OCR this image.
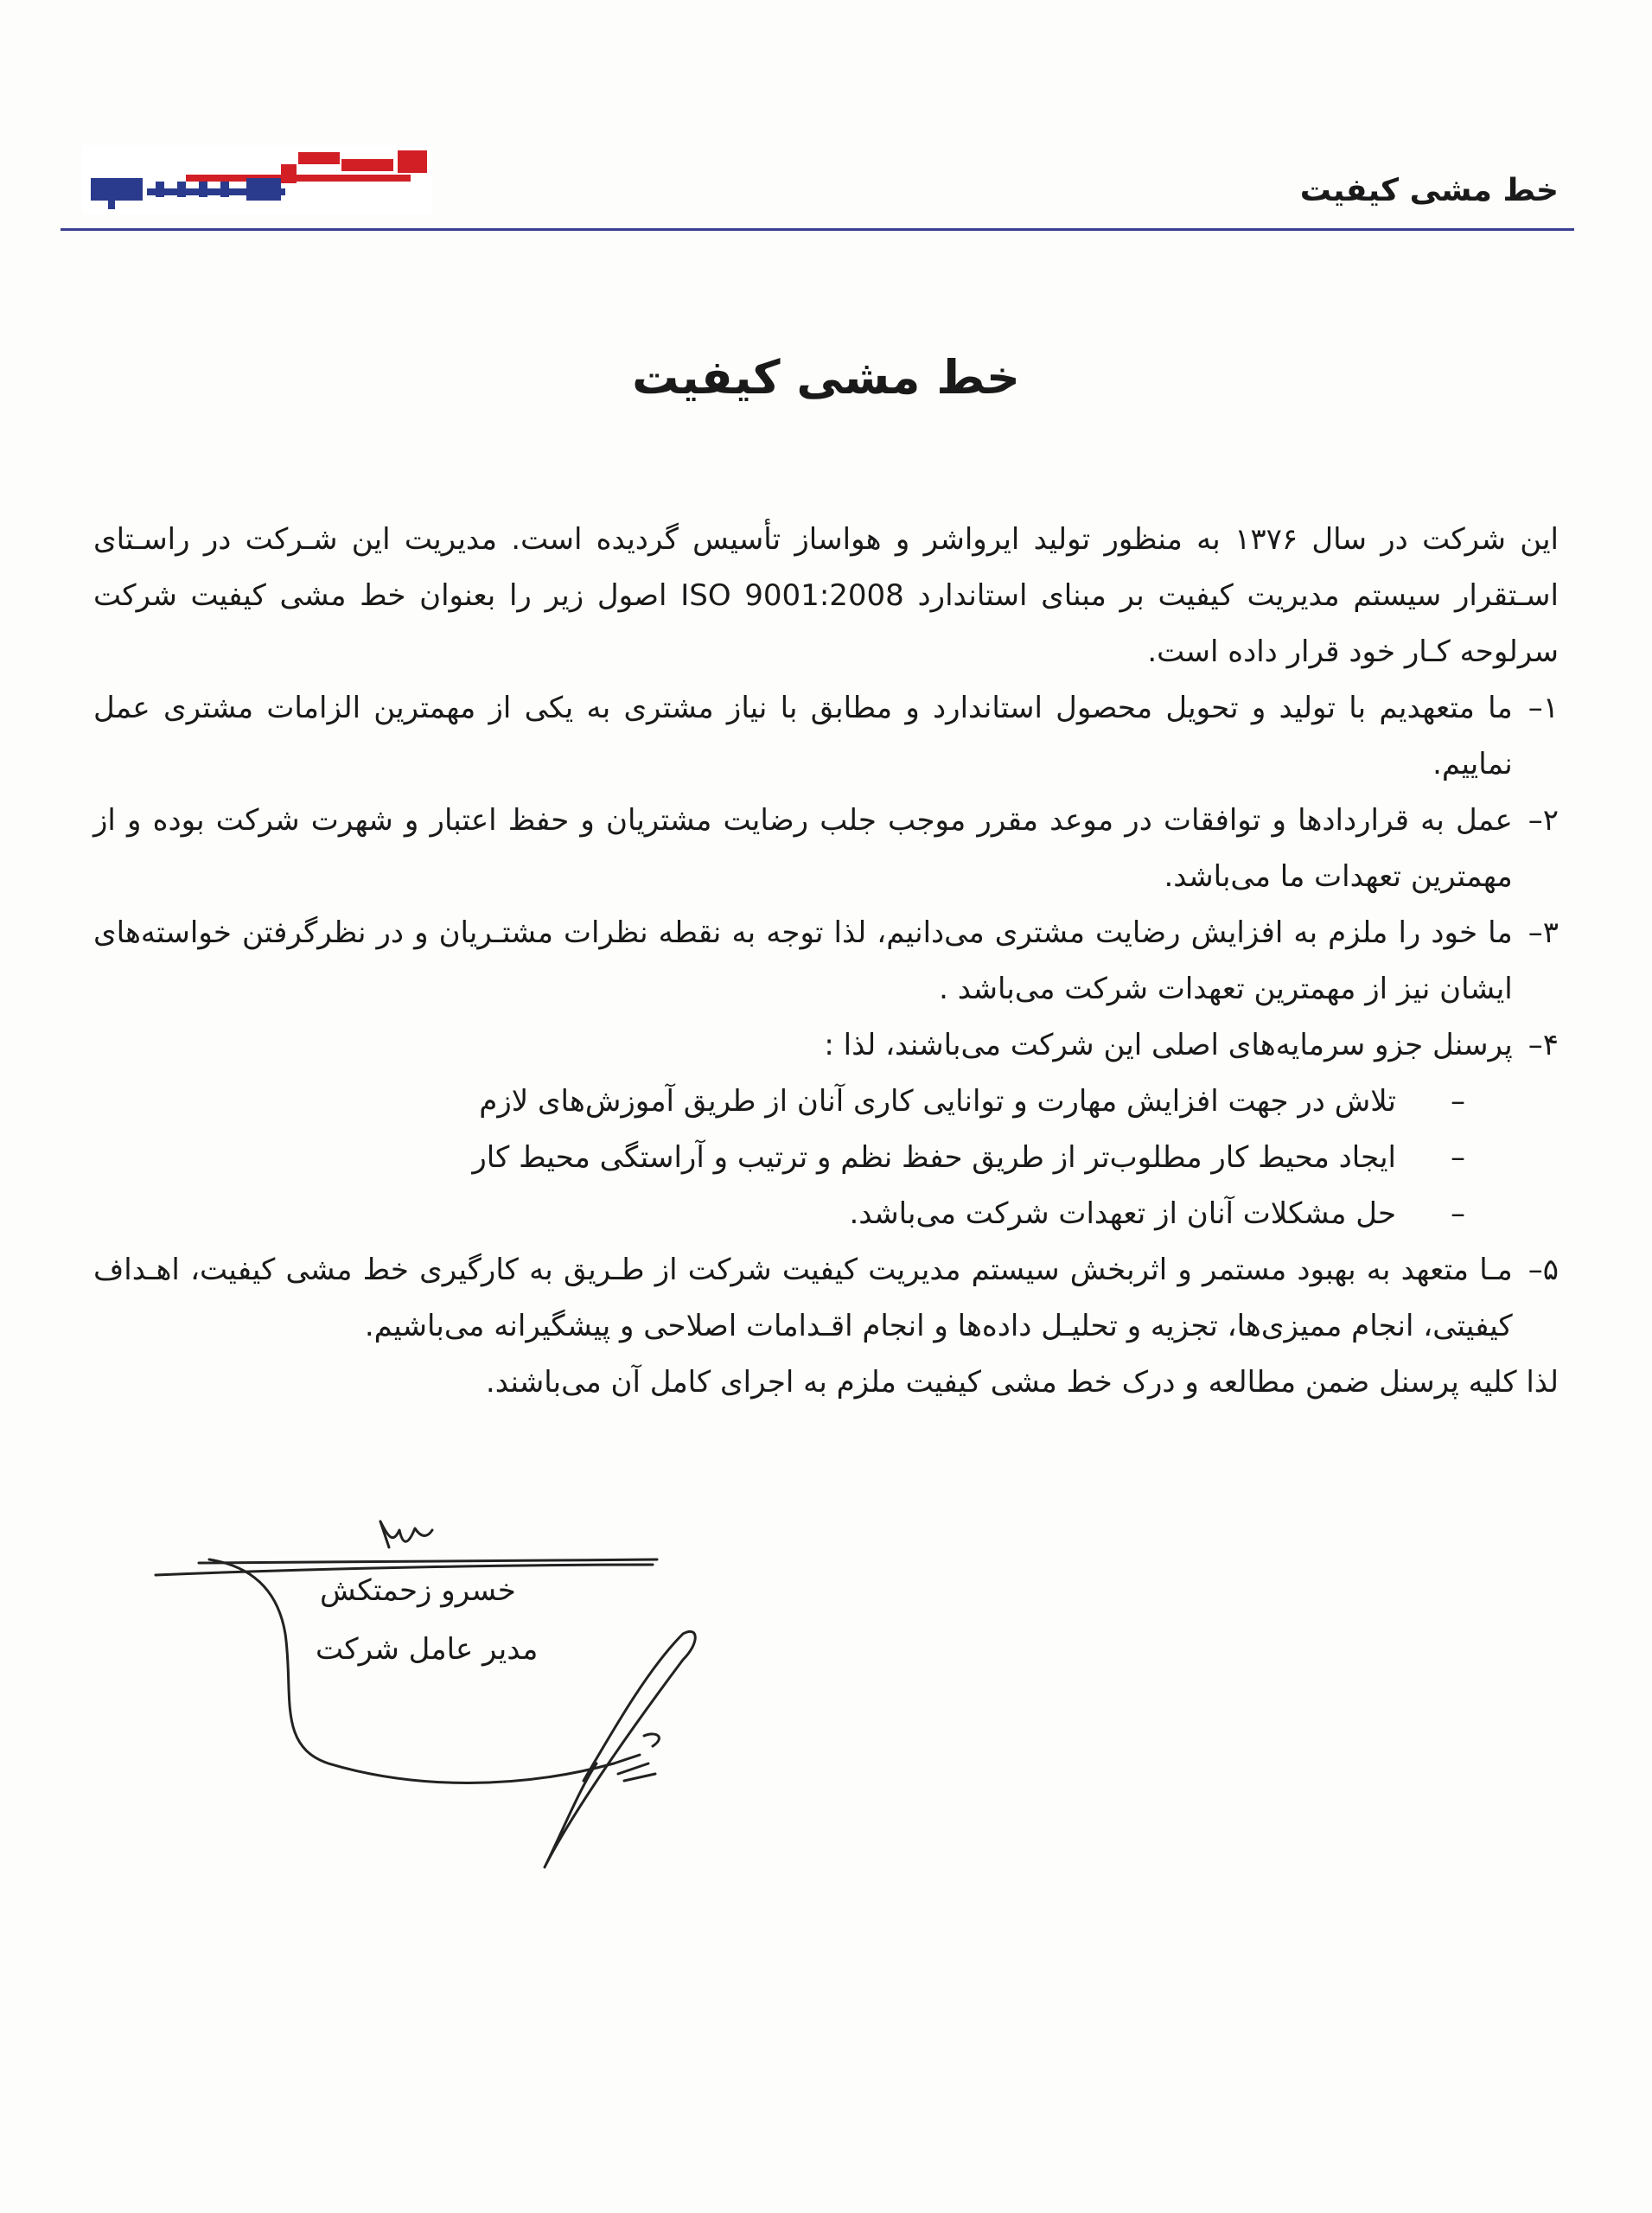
خط مشی کیفیت
خط مشی کیفیت

این شرکت در سال ۱۳۷۶ به منظور تولید ایرواشر و هواساز تأسیس گردیده است. مدیریت این شـرکت در راسـتای اسـتقرار سیستم مدیریت کیفیت بر مبنای استاندارد ISO 9001:2008 اصول زیر را بعنوان خط مشی کیفیت شرکت سرلوحه کـار خود قرار داده است.

۱–
ما متعهدیم با تولید و تحویل محصول استاندارد و مطابق با نیاز مشتری به یکی از مهمترین الزامات مشتری عمل نماییم.
۲–
عمل به قراردادها و توافقات در موعد مقرر موجب جلب رضایت مشتریان و حفظ اعتبار و شهرت شرکت بوده و از مهمترین تعهدات ما می‌باشد.
۳–
ما خود را ملزم به افزایش رضایت مشتری می‌دانیم، لذا توجه به نقطه نظرات مشتـریان و در نظرگرفتن خواسته‌های ایشان نیز از مهمترین تعهدات شرکت می‌باشد .
۴–
پرسنل جزو سرمایه‌های اصلی این شرکت می‌باشند، لذا :
–
تلاش در جهت افزایش مهارت و توانایی کاری آنان از طریق آموزش‌های لازم
–
ایجاد محیط کار مطلوب‌تر از طریق حفظ نظم و ترتیب و آراستگی محیط کار
–
حل مشکلات آنان از تعهدات شرکت می‌باشد.
۵–
مـا متعهد به بهبود مستمر و اثربخش سیستم مدیریت کیفیت شرکت از طـریق به کارگیری خط مشی کیفیت، اهـداف کیفیتی، انجام ممیزی‌ها، تجزیه و تحلیـل داده‌ها و انجام اقـدامات اصلاحی و پیشگیرانه می‌باشیم.

لذا کلیه پرسنل ضمن مطالعه و درک خط مشی کیفیت ملزم به اجرای کامل آن می‌باشند.

خسرو زحمتکش
مدیر عامل شرکت
